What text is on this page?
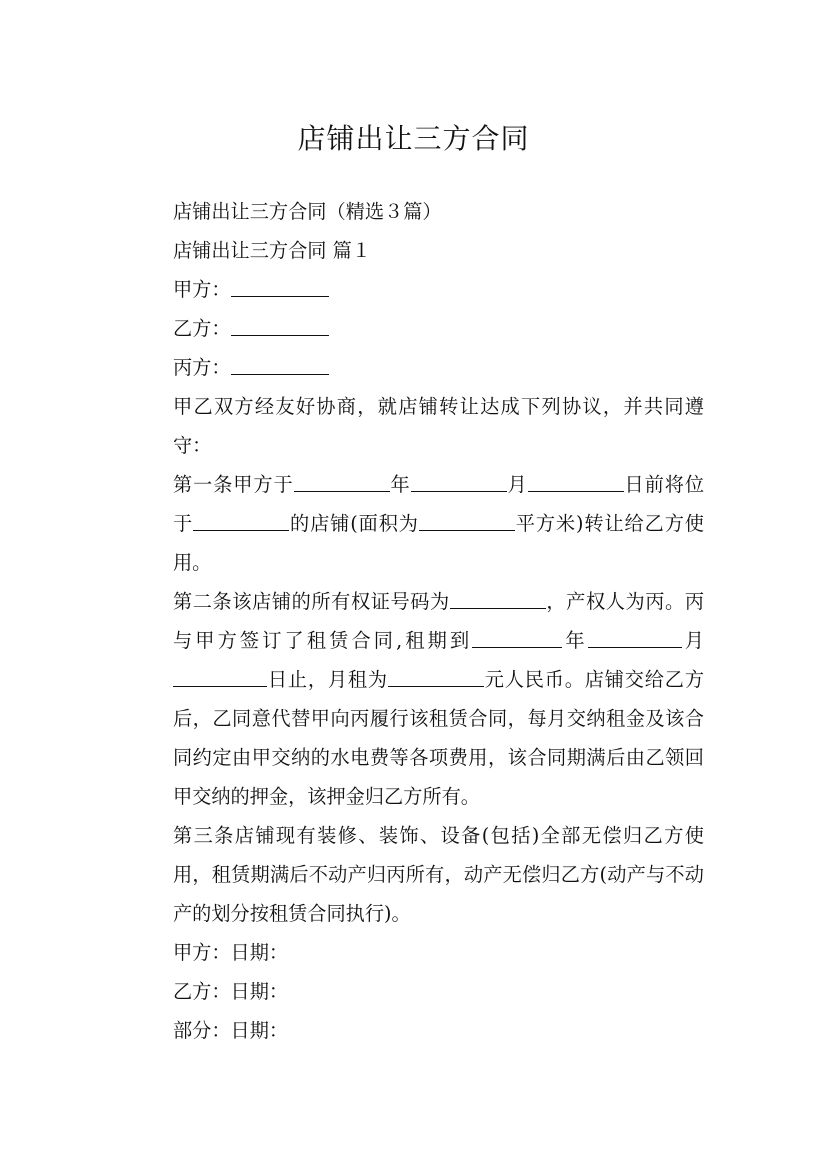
店铺出让三方合同

店铺出让三方合同（精选３篇）

店铺出让三方合同 篇１

甲方：

乙方：

丙方：

甲乙双方经友好协商，就店铺转让达成下列协议，并共同遵守：

第一条甲方于	年	月	日前将位于	的店铺(面积为	平方米)转让给乙方使用。

第二条该店铺的所有权证号码为	，产权人为丙。丙与甲方签订了租赁合同,租期到	年	月日止，月租为	元人民币。店铺交给乙方后，乙同意代替甲向丙履行该租赁合同，每月交纳租金及该合同约定由甲交纳的水电费等各项费用，该合同期满后由乙领回甲交纳的押金，该押金归乙方所有。

第三条店铺现有装修、装饰、设备(包括)全部无偿归乙方使用，租赁期满后不动产归丙所有，动产无偿归乙方(动产与不动产的划分按租赁合同执行)。

甲方：日期：

乙方：日期：

部分：日期：
